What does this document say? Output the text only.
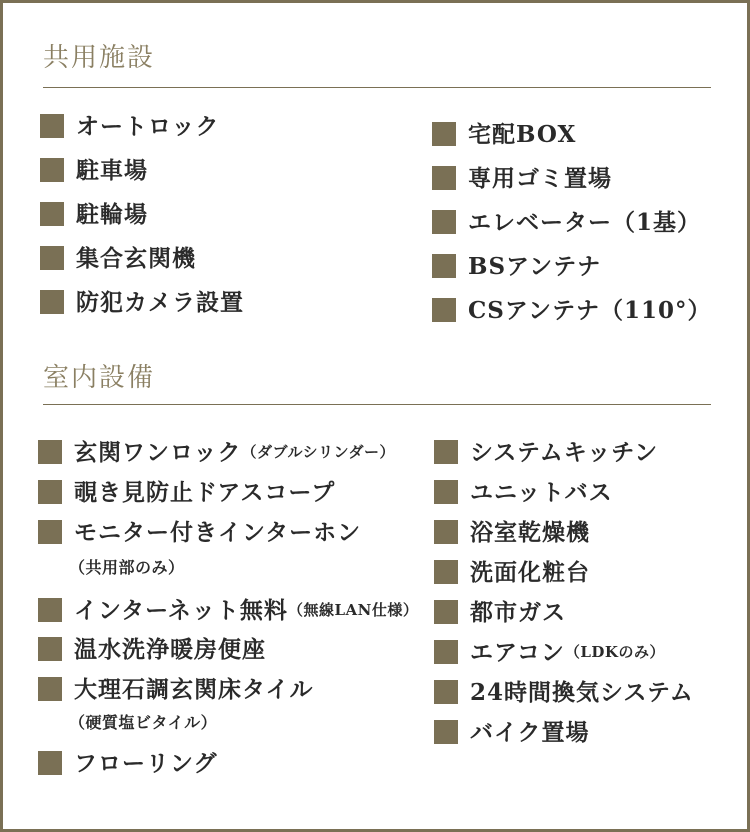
共用施設
オートロック
駐車場
駐輪場
集合玄関機
防犯カメラ設置
宅配BOX
専用ゴミ置場
エレベーター（1基）
BSアンテナ
CSアンテナ（110°）
室内設備
玄関ワンロック （ダブルシリンダー）
覗き見防止ドアスコープ
モニター付きインターホン
（共用部のみ）
インターネット無料 （無線LAN仕様）
温水洗浄暖房便座
大理石調玄関床タイル
（硬質塩ビタイル）
フローリング
システムキッチン
ユニットバス
浴室乾燥機
洗面化粧台
都市ガス
エアコン （LDKのみ）
24時間換気システム
バイク置場
